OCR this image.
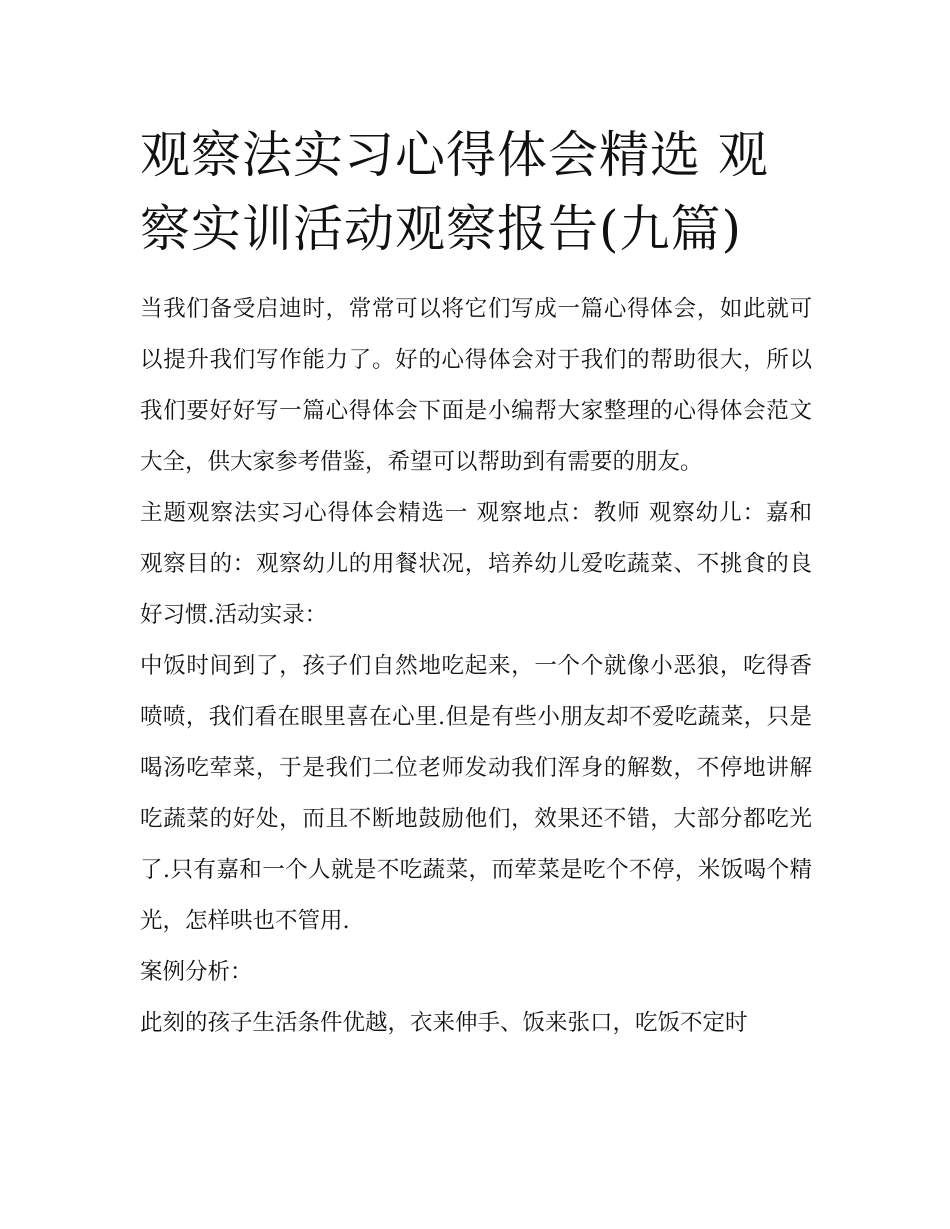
观察法实习心得体会精选 观察实训活动观察报告(九篇)

当我们备受启迪时，常常可以将它们写成一篇心得体会，如此就可以提升我们写作能力了。好的心得体会对于我们的帮助很大，所以我们要好好写一篇心得体会下面是小编帮大家整理的心得体会范文大全，供大家参考借鉴，希望可以帮助到有需要的朋友。

主题观察法实习心得体会精选一 观察地点：教师 观察幼儿：嘉和 观察目的：观察幼儿的用餐状况，培养幼儿爱吃蔬菜、不挑食的良好习惯.活动实录：

中饭时间到了，孩子们自然地吃起来，一个个就像小恶狼，吃得香喷喷，我们看在眼里喜在心里.但是有些小朋友却不爱吃蔬菜，只是喝汤吃荤菜，于是我们二位老师发动我们浑身的解数，不停地讲解吃蔬菜的好处，而且不断地鼓励他们，效果还不错，大部分都吃光了.只有嘉和一个人就是不吃蔬菜，而荤菜是吃个不停，米饭喝个精光，怎样哄也不管用.

案例分析：

此刻的孩子生活条件优越，衣来伸手、饭来张口，吃饭不定时
